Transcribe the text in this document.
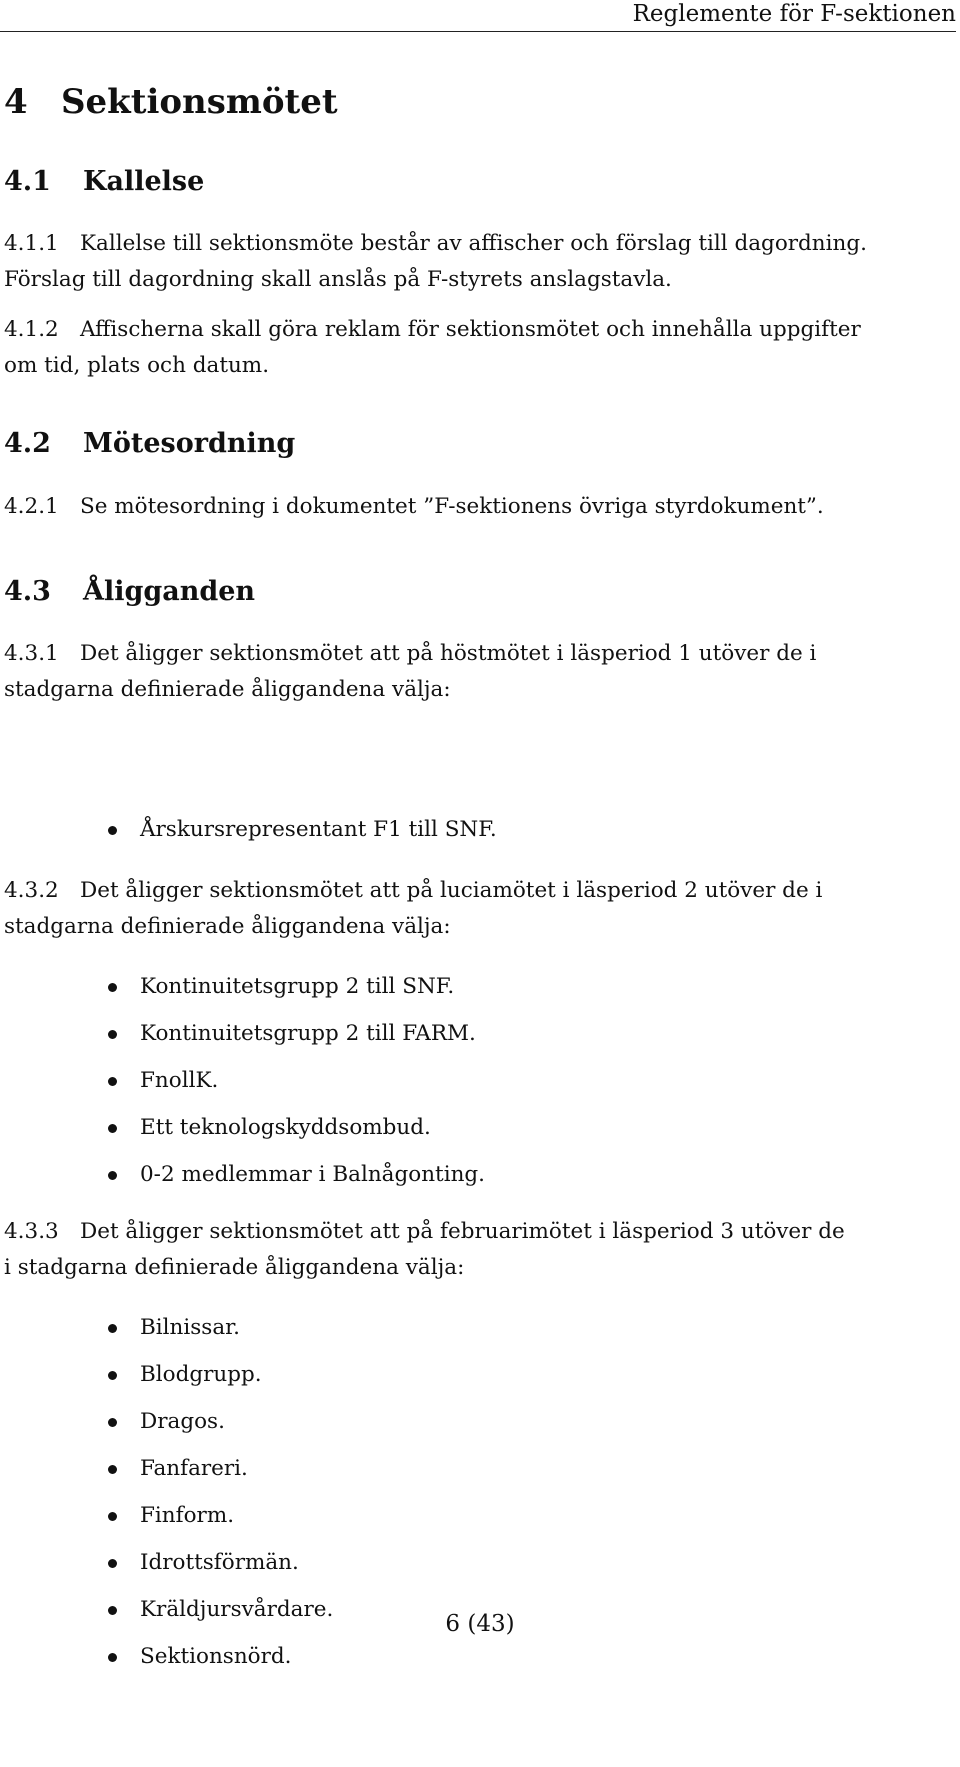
Reglemente för F-sektionen
4 Sektionsmötet
4.1 Kallelse
4.1.1 Kallelse till sektionsmöte består av affischer och förslag till dagordning.
Förslag till dagordning skall anslås på F-styrets anslagstavla.
4.1.2 Affischerna skall göra reklam för sektionsmötet och innehålla uppgifter
om tid, plats och datum.
4.2 Mötesordning
4.2.1 Se mötesordning i dokumentet ”F-sektionens övriga styrdokument”.
4.3 Åligganden
4.3.1 Det åligger sektionsmötet att på höstmötet i läsperiod 1 utöver de i
stadgarna definierade åliggandena välja:
Årskursrepresentant F1 till SNF.
4.3.2 Det åligger sektionsmötet att på luciamötet i läsperiod 2 utöver de i
stadgarna definierade åliggandena välja:
Kontinuitetsgrupp 2 till SNF.
Kontinuitetsgrupp 2 till FARM.
FnollK.
Ett teknologskyddsombud.
0-2 medlemmar i Balnågonting.
4.3.3 Det åligger sektionsmötet att på februarimötet i läsperiod 3 utöver de
i stadgarna definierade åliggandena välja:
Bilnissar.
Blodgrupp.
Dragos.
Fanfareri.
Finform.
Idrottsförmän.
Kräldjursvårdare.
Sektionsnörd.
6 (43)
